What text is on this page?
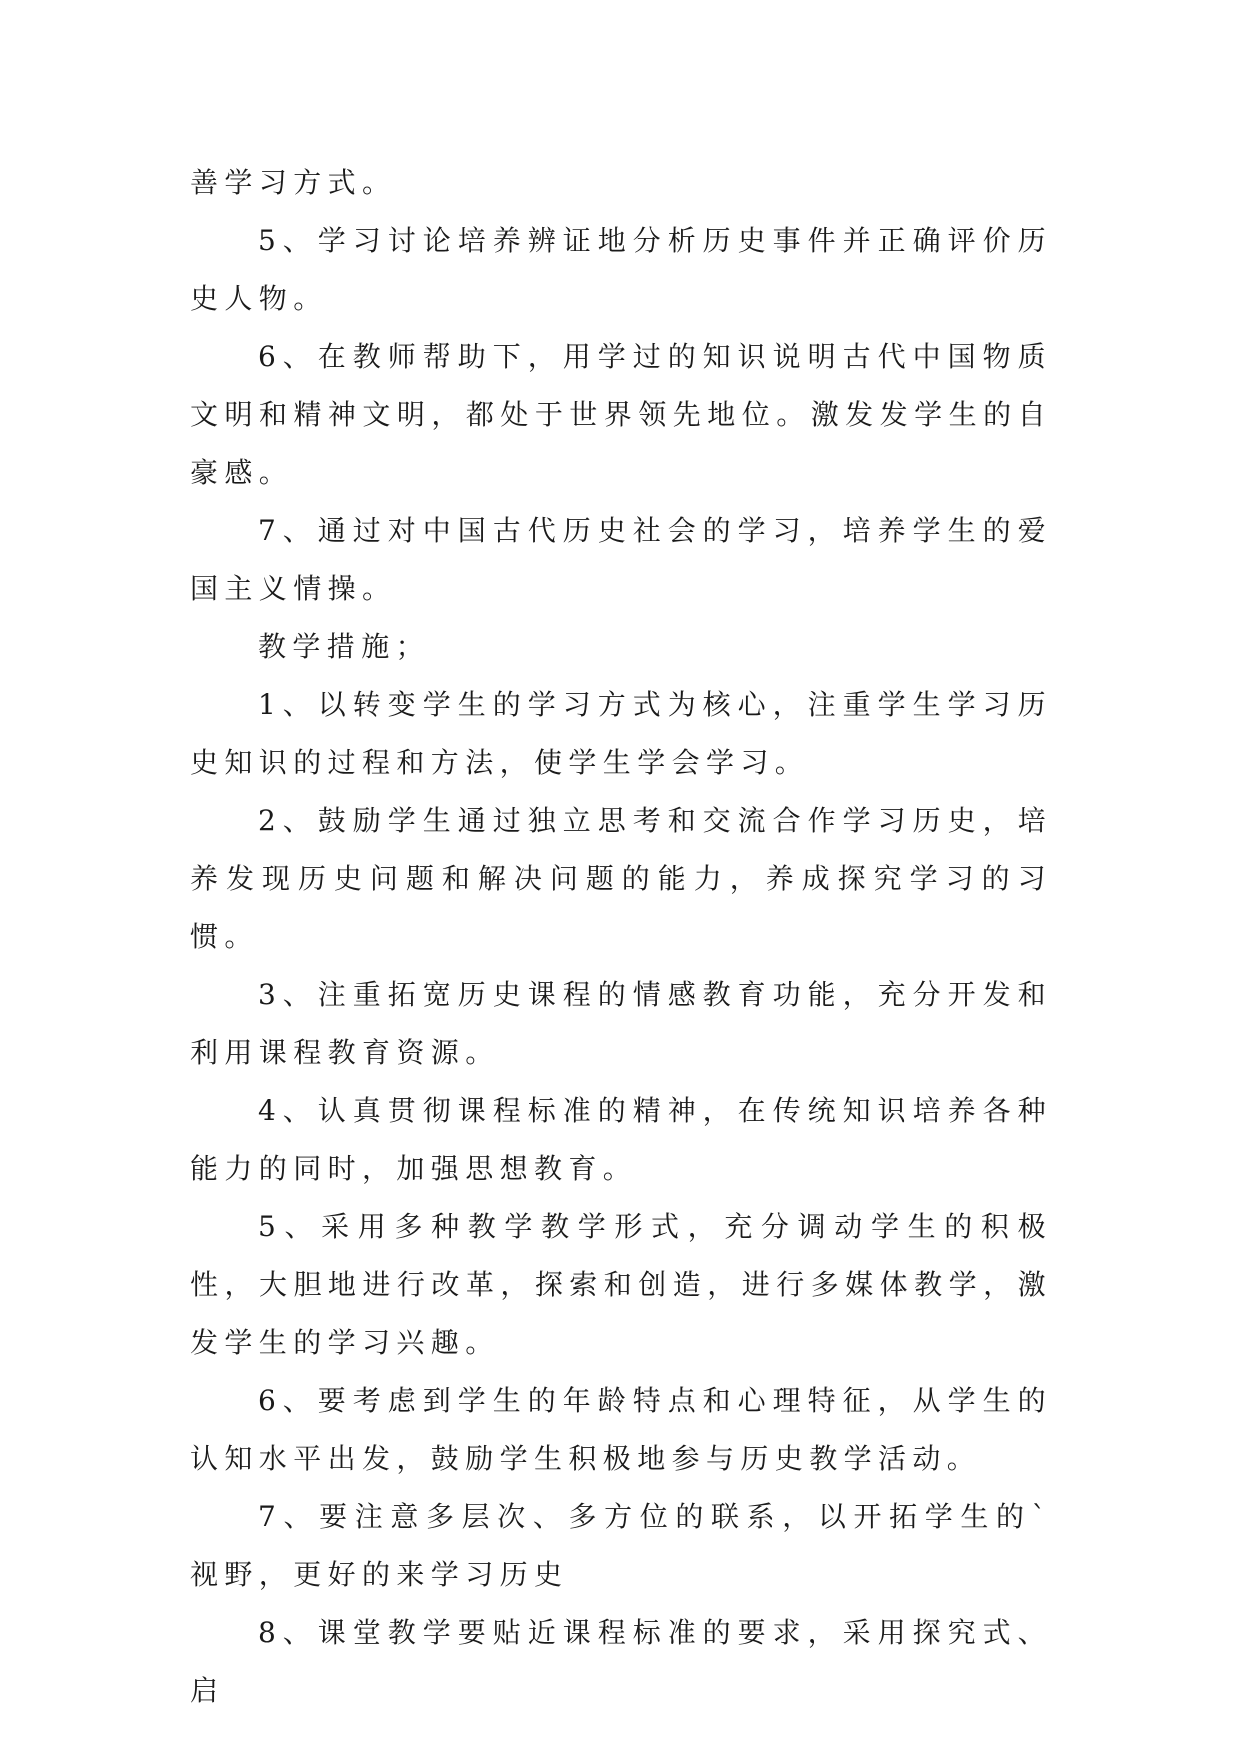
善学习方式。

5、学习讨论培养辨证地分析历史事件并正确评价历史人物。

6、在教师帮助下，用学过的知识说明古代中国物质文明和精神文明，都处于世界领先地位。激发发学生的自豪感。

7、通过对中国古代历史社会的学习，培养学生的爱国主义情操。

教学措施；

1、以转变学生的学习方式为核心，注重学生学习历史知识的过程和方法，使学生学会学习。

2、鼓励学生通过独立思考和交流合作学习历史，培养发现历史问题和解决问题的能力，养成探究学习的习惯。

3、注重拓宽历史课程的情感教育功能，充分开发和利用课程教育资源。

4、认真贯彻课程标准的精神，在传统知识培养各种能力的同时，加强思想教育。

5、采用多种教学教学形式，充分调动学生的积极性，大胆地进行改革，探索和创造，进行多媒体教学，激发学生的学习兴趣。

6、要考虑到学生的年龄特点和心理特征，从学生的认知水平出发，鼓励学生积极地参与历史教学活动。

7、要注意多层次、多方位的联系，以开拓学生的`视野，更好的来学习历史

8、课堂教学要贴近课程标准的要求，采用探究式、启
